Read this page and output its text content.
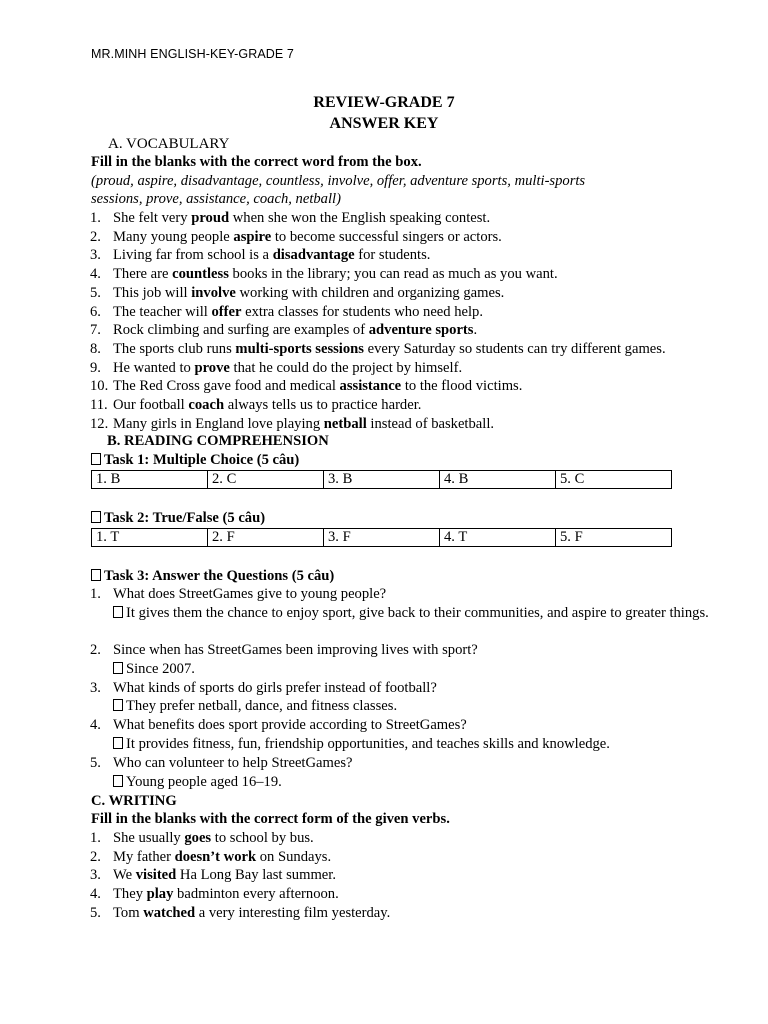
MR.MINH ENGLISH-KEY-GRADE 7
REVIEW-GRADE 7
ANSWER KEY
A. VOCABULARY
Fill in the blanks with the correct word from the box.
(proud, aspire, disadvantage, countless, involve, offer, adventure sports, multi-sports
sessions, prove, assistance, coach, netball)
1. She felt very proud when she won the English speaking contest.
2. Many young people aspire to become successful singers or actors.
3. Living far from school is a disadvantage for students.
4. There are countless books in the library; you can read as much as you want.
5. This job will involve working with children and organizing games.
6. The teacher will offer extra classes for students who need help.
7. Rock climbing and surfing are examples of adventure sports.
8. The sports club runs multi-sports sessions every Saturday so students can try different games.
9. He wanted to prove that he could do the project by himself.
10. The Red Cross gave food and medical assistance to the flood victims.
11. Our football coach always tells us to practice harder.
12. Many girls in England love playing netball instead of basketball.
B. READING COMPREHENSION
Task 1: Multiple Choice (5 câu)
1. B	2. C	3. B	4. B	5. C
Task 2: True/False (5 câu)
1. T	2. F	3. F	4. T	5. F
Task 3: Answer the Questions (5 câu)
1. What does StreetGames give to young people?
It gives them the chance to enjoy sport, give back to their communities, and aspire to greater things.
2. Since when has StreetGames been improving lives with sport?
Since 2007.
3. What kinds of sports do girls prefer instead of football?
They prefer netball, dance, and fitness classes.
4. What benefits does sport provide according to StreetGames?
It provides fitness, fun, friendship opportunities, and teaches skills and knowledge.
5. Who can volunteer to help StreetGames?
Young people aged 16–19.
C. WRITING
Fill in the blanks with the correct form of the given verbs.
1. She usually goes to school by bus.
2. My father doesn’t work on Sundays.
3. We visited Ha Long Bay last summer.
4. They play badminton every afternoon.
5. Tom watched a very interesting film yesterday.
